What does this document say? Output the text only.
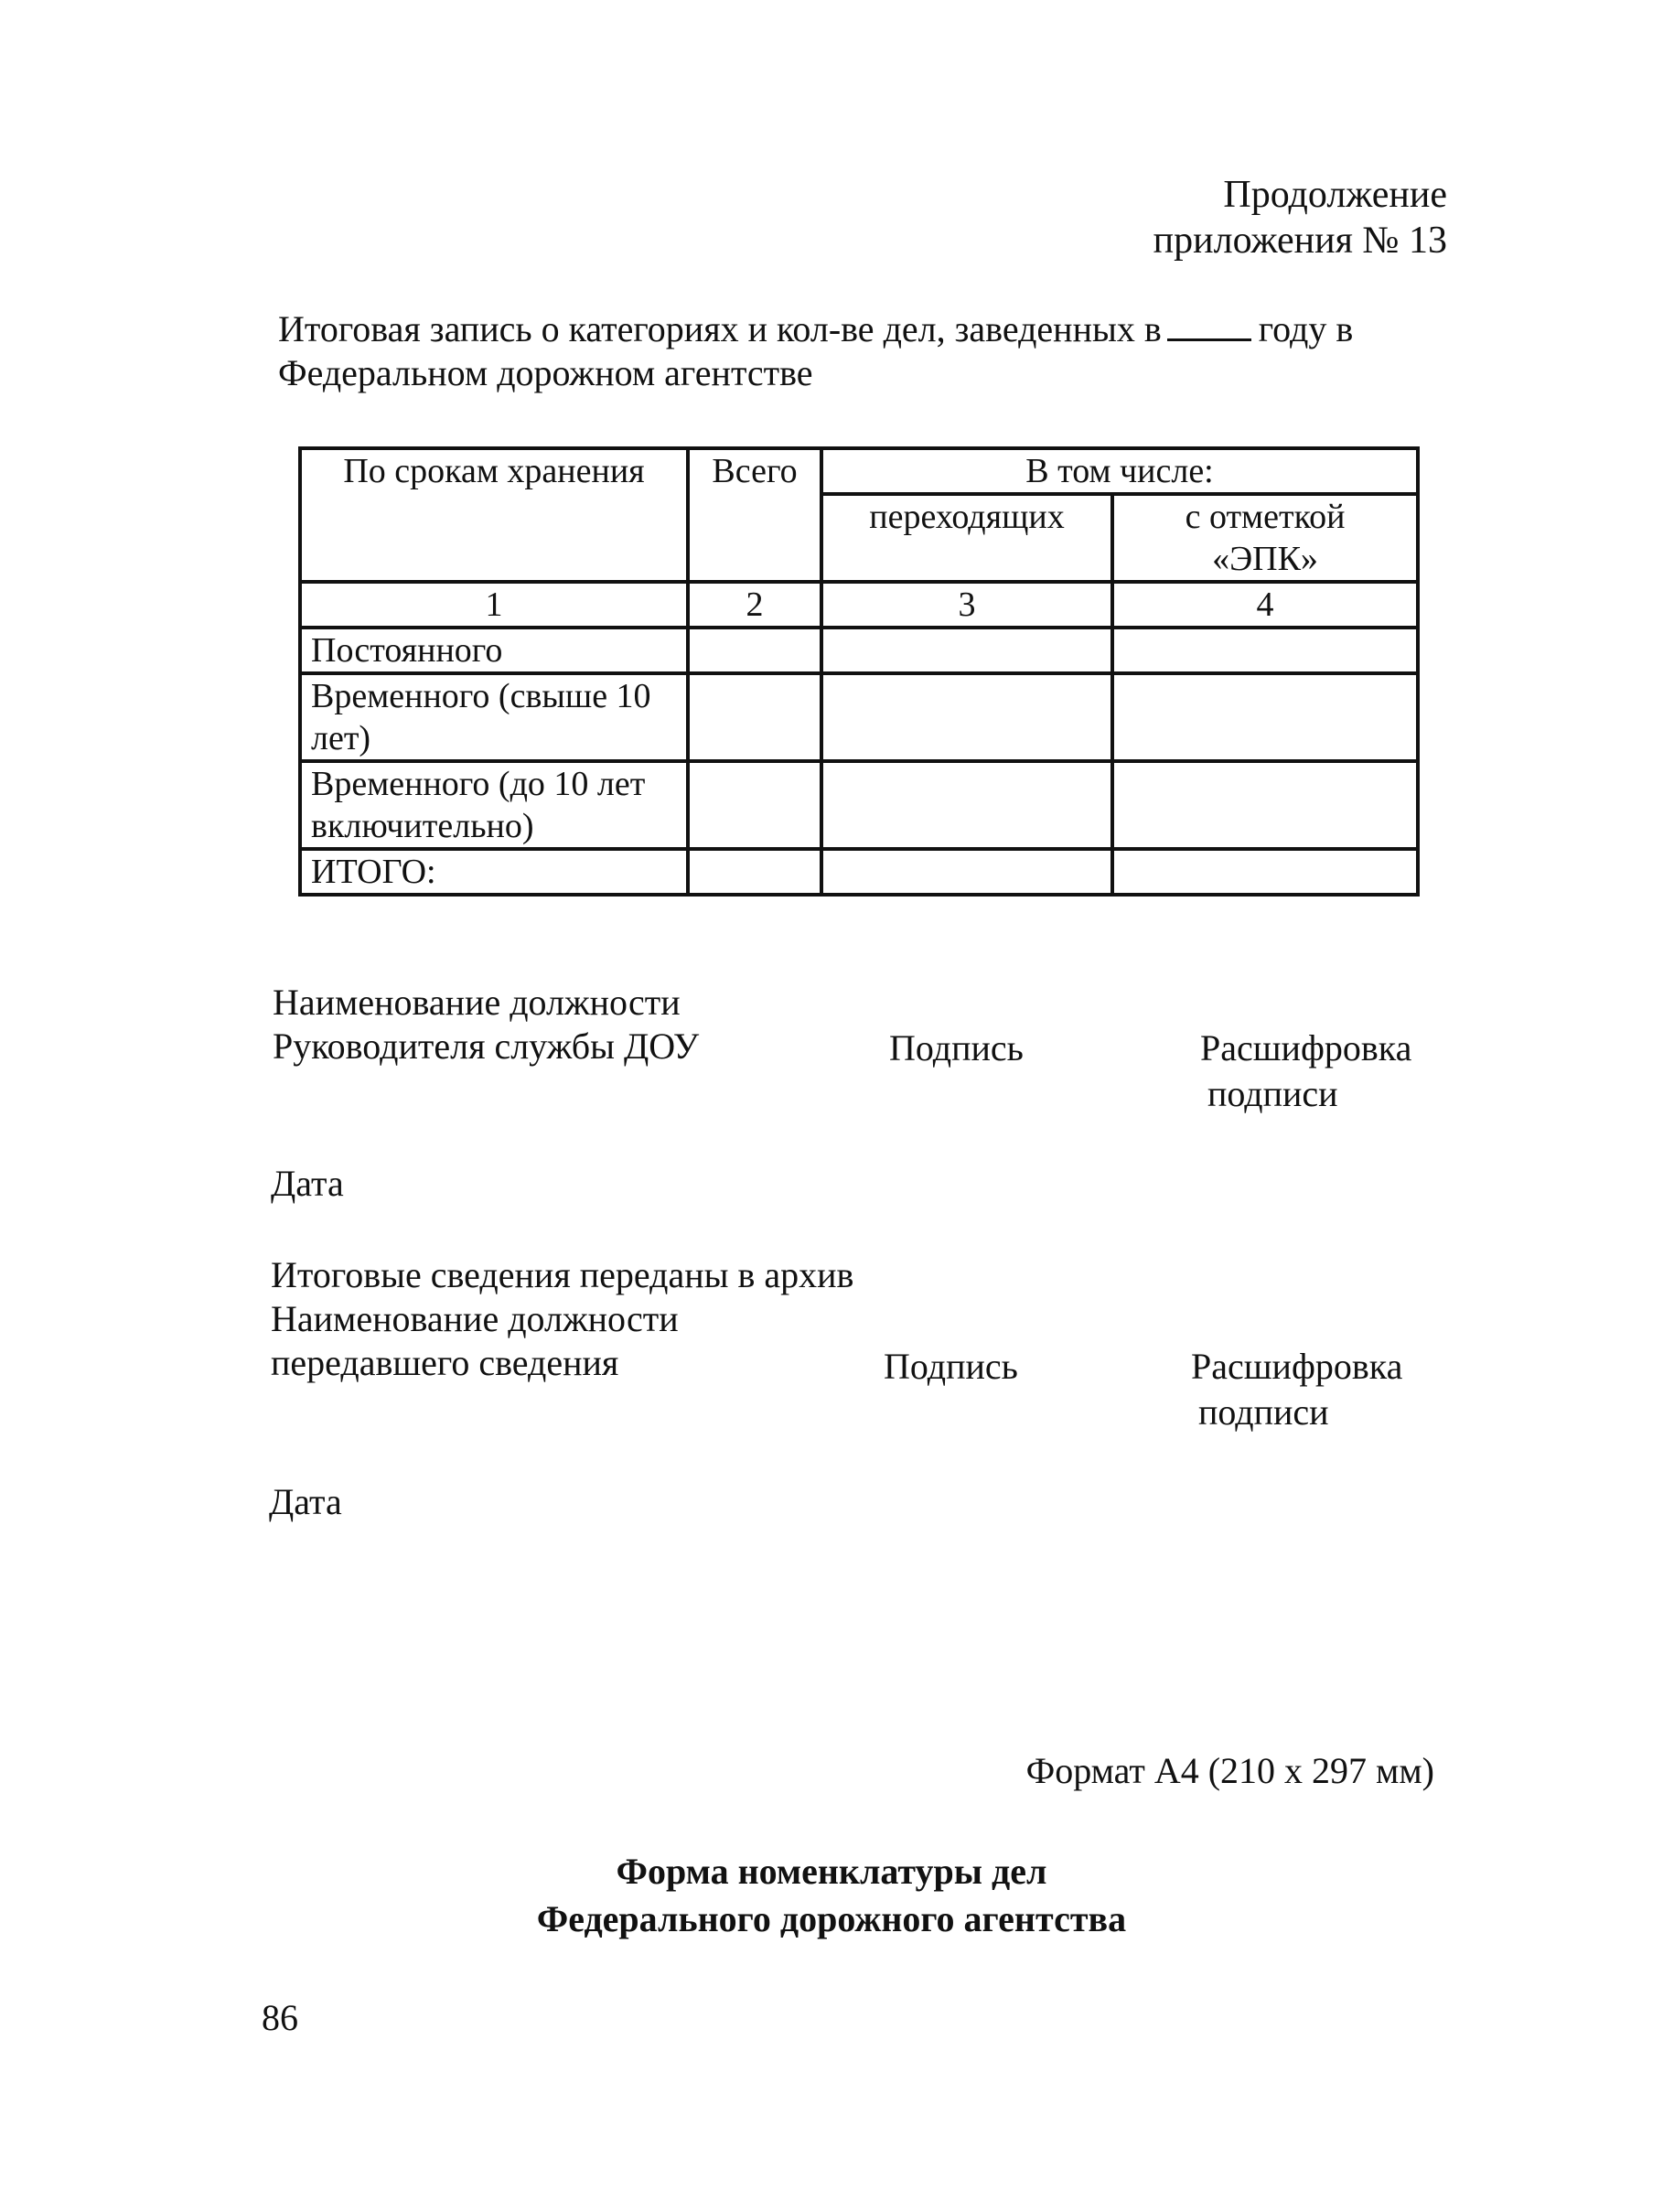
Продолжение
приложения № 13
Итоговая запись о категориях и кол-ве дел, заведенных в	году в
Федеральном дорожном агентстве
По срокам хранения	Всего	В том числе:	
		переходящих	с отметкой «ЭПК»
1	2	3	4
Постоянного			
Временного (свыше 10 лет)			
Временного (до 10 лет включительно)			
ИТОГО:			
Наименование должности
Руководителя службы ДОУ	Подпись	Расшифровка
подписи
Дата
Итоговые сведения переданы в архив
Наименование должности
передавшего сведения	Подпись	Расшифровка
подписи
Дата
Формат А4 (210 х 297 мм)
Форма номенклатуры дел
Федерального дорожного агентства
86
